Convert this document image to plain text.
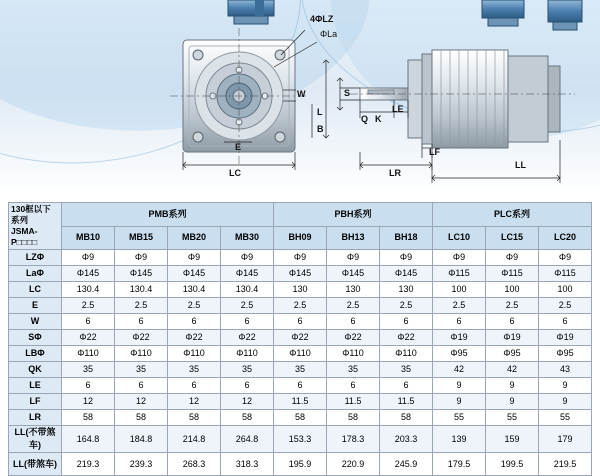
4ΦLZ
ΦLa
W	S
L
B
Q K
LE
E	LF
LC	LR
LL
130框以下系列
JSMA-P□□□□	PMB系列				PBH系列			PLC系列		
	MB10	MB15	MB20	MB30	BH09	BH13	BH18	LC10	LC15	LC20
LZΦ	Φ9	Φ9	Φ9	Φ9	Φ9	Φ9	Φ9	Φ9	Φ9	Φ9
LaΦ	Φ145	Φ145	Φ145	Φ145	Φ145	Φ145	Φ145	Φ115	Φ115	Φ115
LC	130.4	130.4	130.4	130.4	130	130	130	100	100	100
E	2.5	2.5	2.5	2.5	2.5	2.5	2.5	2.5	2.5	2.5
W	6	6	6	6	6	6	6	6	6	6
SΦ	Φ22	Φ22	Φ22	Φ22	Φ22	Φ22	Φ22	Φ19	Φ19	Φ19
LBΦ	Φ110	Φ110	Φ110	Φ110	Φ110	Φ110	Φ110	Φ95	Φ95	Φ95
QK	35	35	35	35	35	35	35	42	42	43
LE	6	6	6	6	6	6	6	9	9	9
LF	12	12	12	12	11.5	11.5	11.5	9	9	9
LR	58	58	58	58	58	58	58	55	55	55
LL(不带煞车)	164.8	184.8	214.8	264.8	153.3	178.3	203.3	139	159	179
LL(带煞车)	219.3	239.3	268.3	318.3	195.9	220.9	245.9	179.5	199.5	219.5
